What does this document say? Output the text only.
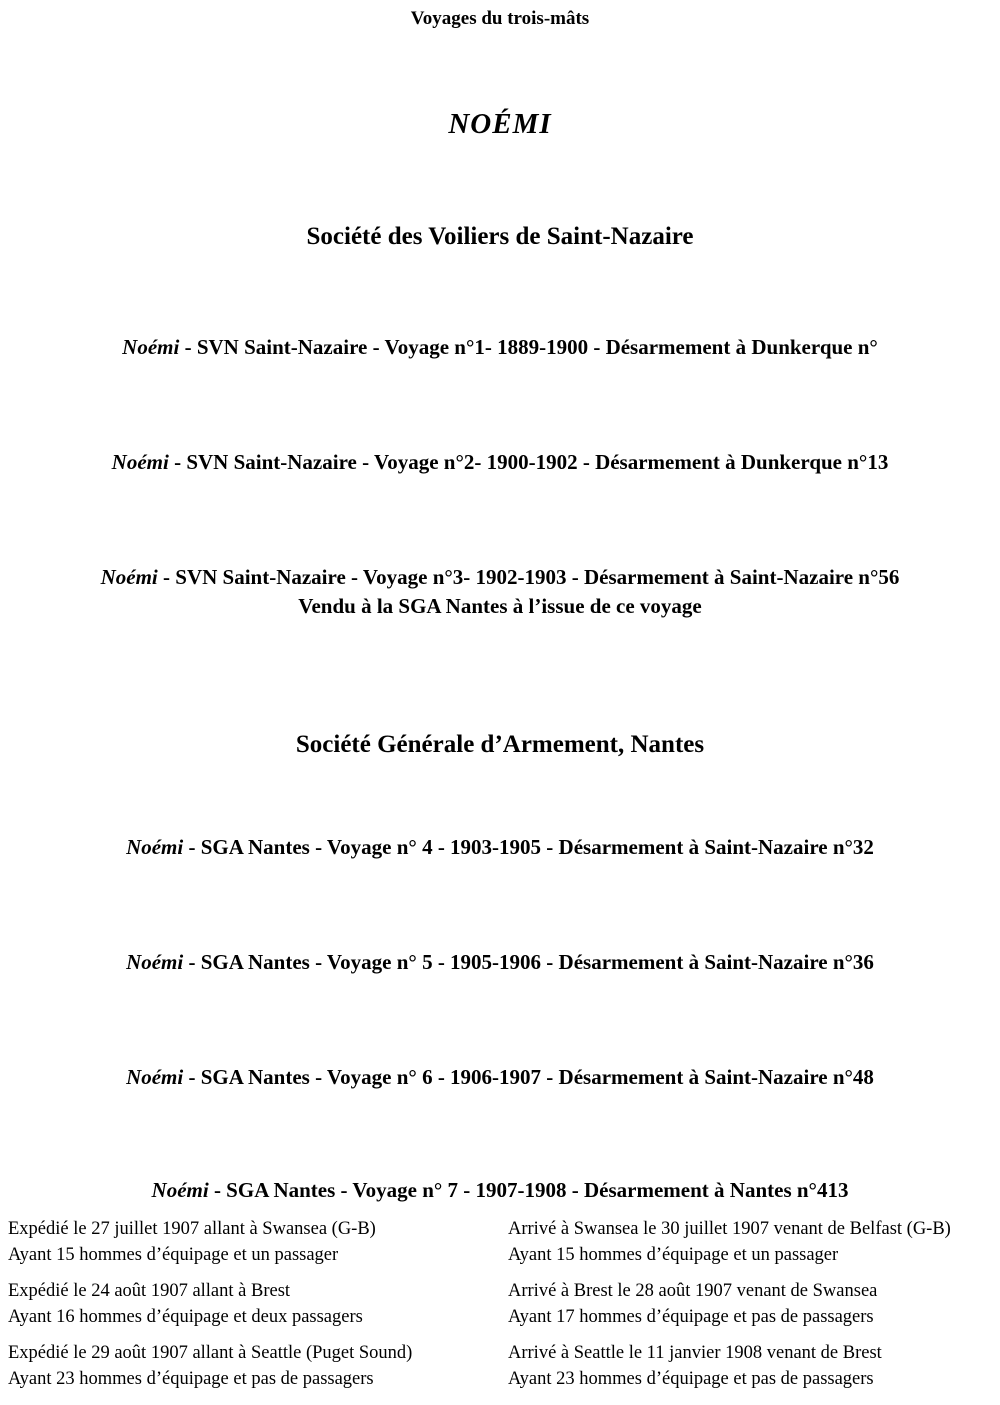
Voyages du trois-mâts
NOÉMI
Société des Voiliers de Saint-Nazaire
Noémi - SVN Saint-Nazaire - Voyage n°1- 1889-1900 - Désarmement à Dunkerque n°
Noémi - SVN Saint-Nazaire - Voyage n°2- 1900-1902 - Désarmement à Dunkerque n°13
Noémi - SVN Saint-Nazaire - Voyage n°3- 1902-1903 - Désarmement à Saint-Nazaire n°56
Vendu à la SGA Nantes à l’issue de ce voyage
Société Générale d’Armement, Nantes
Noémi - SGA Nantes - Voyage n° 4 - 1903-1905 - Désarmement à Saint-Nazaire n°32
Noémi - SGA Nantes - Voyage n° 5 - 1905-1906 - Désarmement à Saint-Nazaire n°36
Noémi - SGA Nantes - Voyage n° 6 - 1906-1907 - Désarmement à Saint-Nazaire n°48
Noémi - SGA Nantes - Voyage n° 7 - 1907-1908 - Désarmement à Nantes n°413
Expédié le 27 juillet 1907 allant à Swansea (G-B)
Ayant 15 hommes d’équipage et un passager
Arrivé à Swansea le 30 juillet 1907 venant de Belfast (G-B)
Ayant 15 hommes d’équipage et un passager
Expédié le 24 août 1907 allant à Brest
Ayant 16 hommes d’équipage et deux passagers
Arrivé à Brest le 28 août 1907 venant de Swansea
Ayant 17 hommes d’équipage et pas de passagers
Expédié le 29 août 1907 allant à Seattle (Puget Sound)
Ayant 23 hommes d’équipage et pas de passagers
Arrivé à Seattle le 11 janvier 1908 venant de Brest
Ayant 23 hommes d’équipage et pas de passagers
